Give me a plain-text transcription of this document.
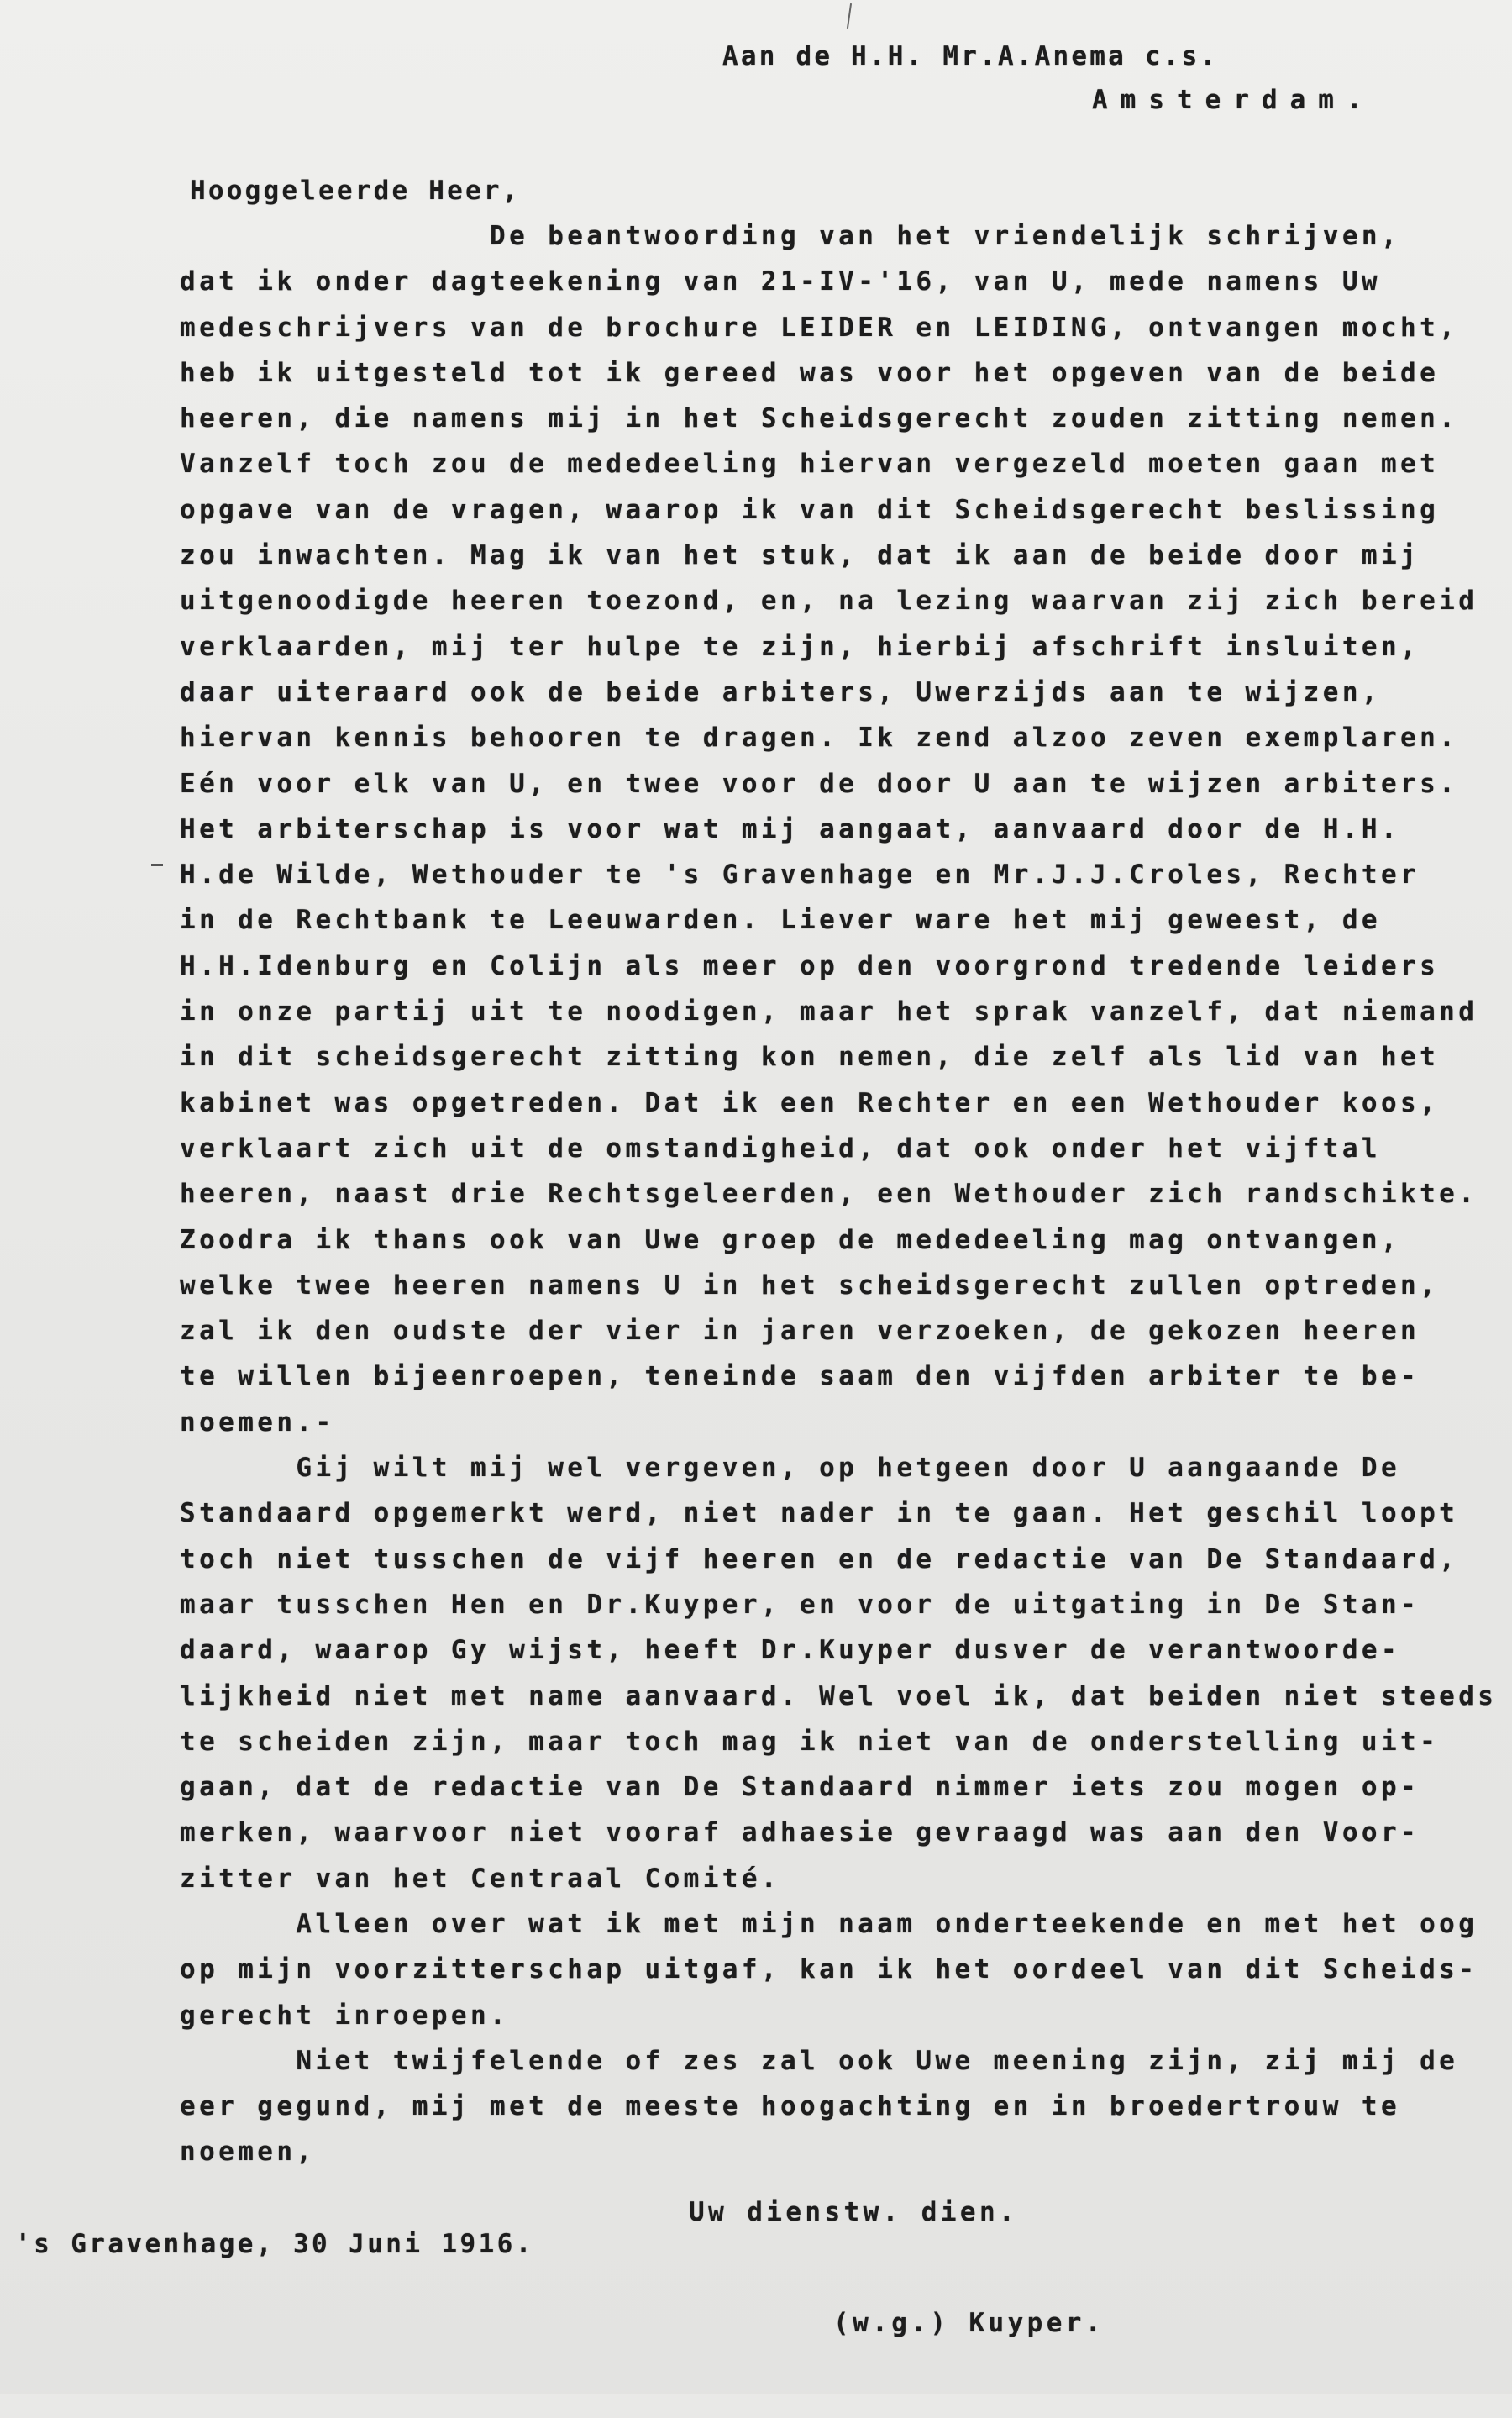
Aan de H.H. Mr.A.Anema c.s.
Amsterdam.
Hooggeleerde Heer,
De beantwoording van het vriendelijk schrijven,
dat ik onder dagteekening van 21-IV-'16, van U, mede namens Uw
medeschrijvers van de brochure LEIDER en LEIDING, ontvangen mocht,
heb ik uitgesteld tot ik gereed was voor het opgeven van de beide
heeren, die namens mij in het Scheidsgerecht zouden zitting nemen.
Vanzelf toch zou de mededeeling hiervan vergezeld moeten gaan met
opgave van de vragen, waarop ik van dit Scheidsgerecht beslissing
zou inwachten. Mag ik van het stuk, dat ik aan de beide door mij
uitgenoodigde heeren toezond, en, na lezing waarvan zij zich bereid
verklaarden, mij ter hulpe te zijn, hierbij afschrift insluiten,
daar uiteraard ook de beide arbiters, Uwerzijds aan te wijzen,
hiervan kennis behooren te dragen. Ik zend alzoo zeven exemplaren.
Eén voor elk van U, en twee voor de door U aan te wijzen arbiters.
Het arbiterschap is voor wat mij aangaat, aanvaard door de H.H.
H.de Wilde, Wethouder te 's Gravenhage en Mr.J.J.Croles, Rechter
in de Rechtbank te Leeuwarden. Liever ware het mij geweest, de
H.H.Idenburg en Colijn als meer op den voorgrond tredende leiders
in onze partij uit te noodigen, maar het sprak vanzelf, dat niemand
in dit scheidsgerecht zitting kon nemen, die zelf als lid van het
kabinet was opgetreden. Dat ik een Rechter en een Wethouder koos,
verklaart zich uit de omstandigheid, dat ook onder het vijftal
heeren, naast drie Rechtsgeleerden, een Wethouder zich randschikte.
Zoodra ik thans ook van Uwe groep de mededeeling mag ontvangen,
welke twee heeren namens U in het scheidsgerecht zullen optreden,
zal ik den oudste der vier in jaren verzoeken, de gekozen heeren
te willen bijeenroepen, teneinde saam den vijfden arbiter te be-
noemen.-
Gij wilt mij wel vergeven, op hetgeen door U aangaande De
Standaard opgemerkt werd, niet nader in te gaan. Het geschil loopt
toch niet tusschen de vijf heeren en de redactie van De Standaard,
maar tusschen Hen en Dr.Kuyper, en voor de uitgating in De Stan-
daard, waarop Gy wijst, heeft Dr.Kuyper dusver de verantwoorde-
lijkheid niet met name aanvaard. Wel voel ik, dat beiden niet steeds
te scheiden zijn, maar toch mag ik niet van de onderstelling uit-
gaan, dat de redactie van De Standaard nimmer iets zou mogen op-
merken, waarvoor niet vooraf adhaesie gevraagd was aan den Voor-
zitter van het Centraal Comité.
Alleen over wat ik met mijn naam onderteekende en met het oog
op mijn voorzitterschap uitgaf, kan ik het oordeel van dit Scheids-
gerecht inroepen.
Niet twijfelende of zes zal ook Uwe meening zijn, zij mij de
eer gegund, mij met de meeste hoogachting en in broedertrouw te
noemen,

Uw dienstw. dien.

(w.g.) Kuyper.

's Gravenhage, 30 Juni 1916.
